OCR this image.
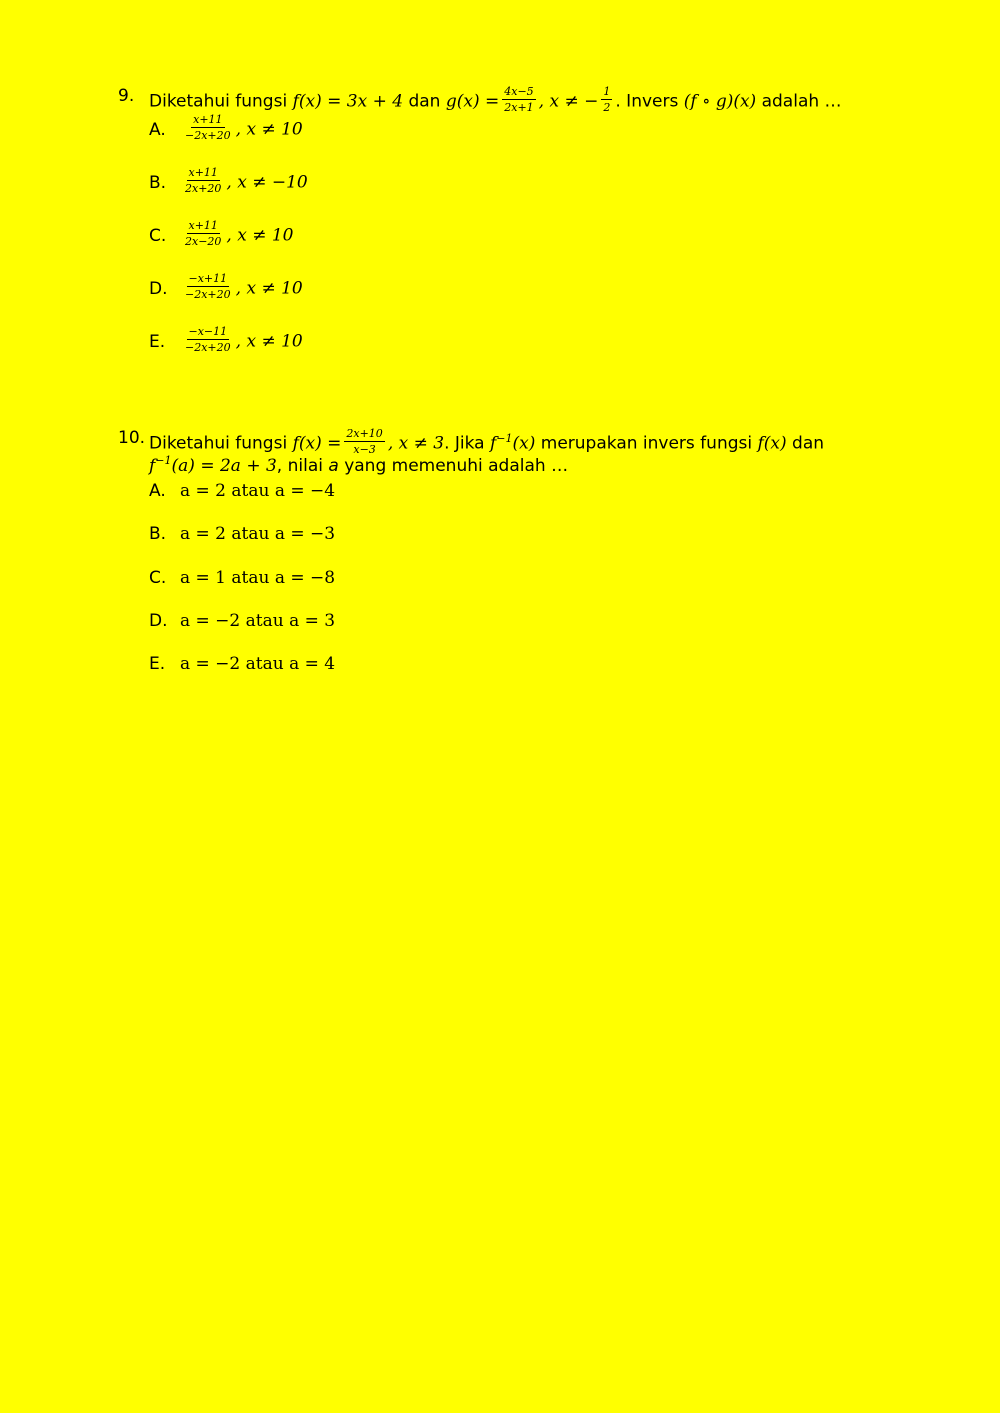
9. Diketahui fungsi f(x) = 3x + 4 dan $g(x) = \frac{4x-5}{2x+1}$ , x ≠ − $\frac{1}{2}$ . Invers (f ∘ g)(x) adalah …
A. $\frac{x+11}{-2x+20}$ , x ≠ 10
B. $\frac{x+11}{2x+20}$ , x ≠ −10
C. $\frac{x+11}{2x-20}$ , x ≠ 10
D. $\frac{-x+11}{-2x+20}$ , x ≠ 10
E. $\frac{-x-11}{-2x+20}$ , x ≠ 10
10. Diketahui fungsi $f(x) = \frac{2x+10}{x-3}$ , x ≠ 3. Jika $f^{-1}(x)$ merupakan invers fungsi f(x) dan
$f^{-1}(a) = 2a + 3$, nilai a yang memenuhi adalah …
A. a = 2 atau a = −4
B. a = 2 atau a = −3
C. a = 1 atau a = −8
D. a = −2 atau a = 3
E. a = −2 atau a = 4
